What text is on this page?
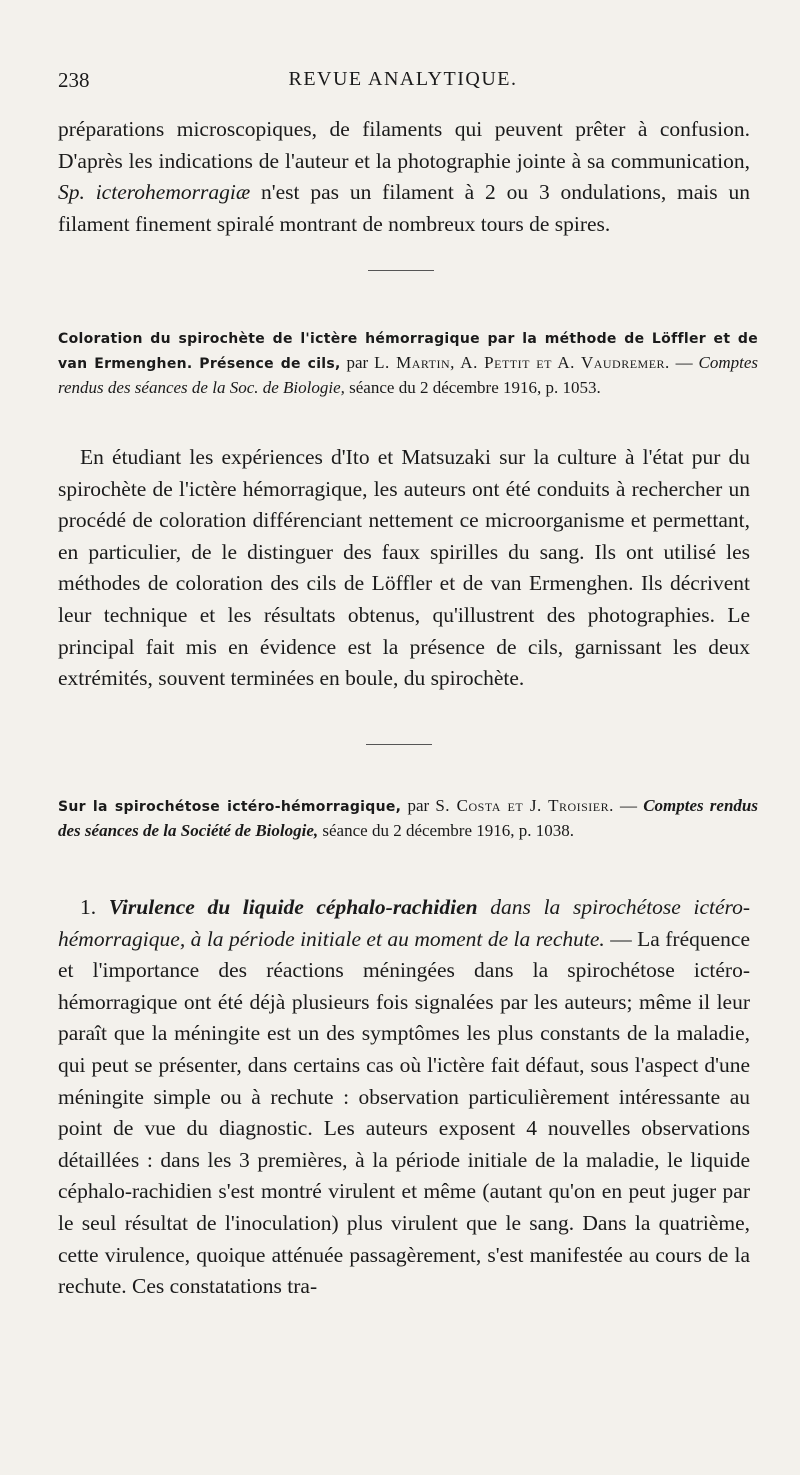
238	REVUE ANALYTIQUE.

préparations microscopiques, de filaments qui peuvent prêter à confusion. D'après les indications de l'auteur et la photographie jointe à sa communication, Sp. icterohemorragiæ n'est pas un filament à 2 ou 3 ondulations, mais un filament finement spiralé montrant de nombreux tours de spires.

Coloration du spirochète de l'ictère hémorragique par la méthode de Löffler et de van Ermenghen. Présence de cils, par L. Martin, A. Pettit et A. Vaudremer. — Comptes rendus des séances de la Soc. de Biologie, séance du 2 décembre 1916, p. 1053.

En étudiant les expériences d'Ito et Matsuzaki sur la culture à l'état pur du spirochète de l'ictère hémorragique, les auteurs ont été conduits à rechercher un procédé de coloration différenciant nettement ce microorganisme et permettant, en particulier, de le distinguer des faux spirilles du sang. Ils ont utilisé les méthodes de coloration des cils de Löffler et de van Ermenghen. Ils décrivent leur technique et les résultats obtenus, qu'illustrent des photographies. Le principal fait mis en évidence est la présence de cils, garnissant les deux extrémités, souvent terminées en boule, du spirochète.

Sur la spirochétose ictéro-hémorragique, par S. Costa et J. Troisier. — Comptes rendus des séances de la Société de Biologie, séance du 2 décembre 1916, p. 1038.

1. Virulence du liquide céphalo-rachidien dans la spirochétose ictéro-hémorragique, à la période initiale et au moment de la rechute. — La fréquence et l'importance des réactions méningées dans la spirochétose ictéro-hémorragique ont été déjà plusieurs fois signalées par les auteurs; même il leur paraît que la méningite est un des symptômes les plus constants de la maladie, qui peut se présenter, dans certains cas où l'ictère fait défaut, sous l'aspect d'une méningite simple ou à rechute : observation particulièrement intéressante au point de vue du diagnostic. Les auteurs exposent 4 nouvelles observations détaillées : dans les 3 premières, à la période initiale de la maladie, le liquide céphalo-rachidien s'est montré virulent et même (autant qu'on en peut juger par le seul résultat de l'inoculation) plus virulent que le sang. Dans la quatrième, cette virulence, quoique atténuée passagèrement, s'est manifestée au cours de la rechute. Ces constatations tra-
